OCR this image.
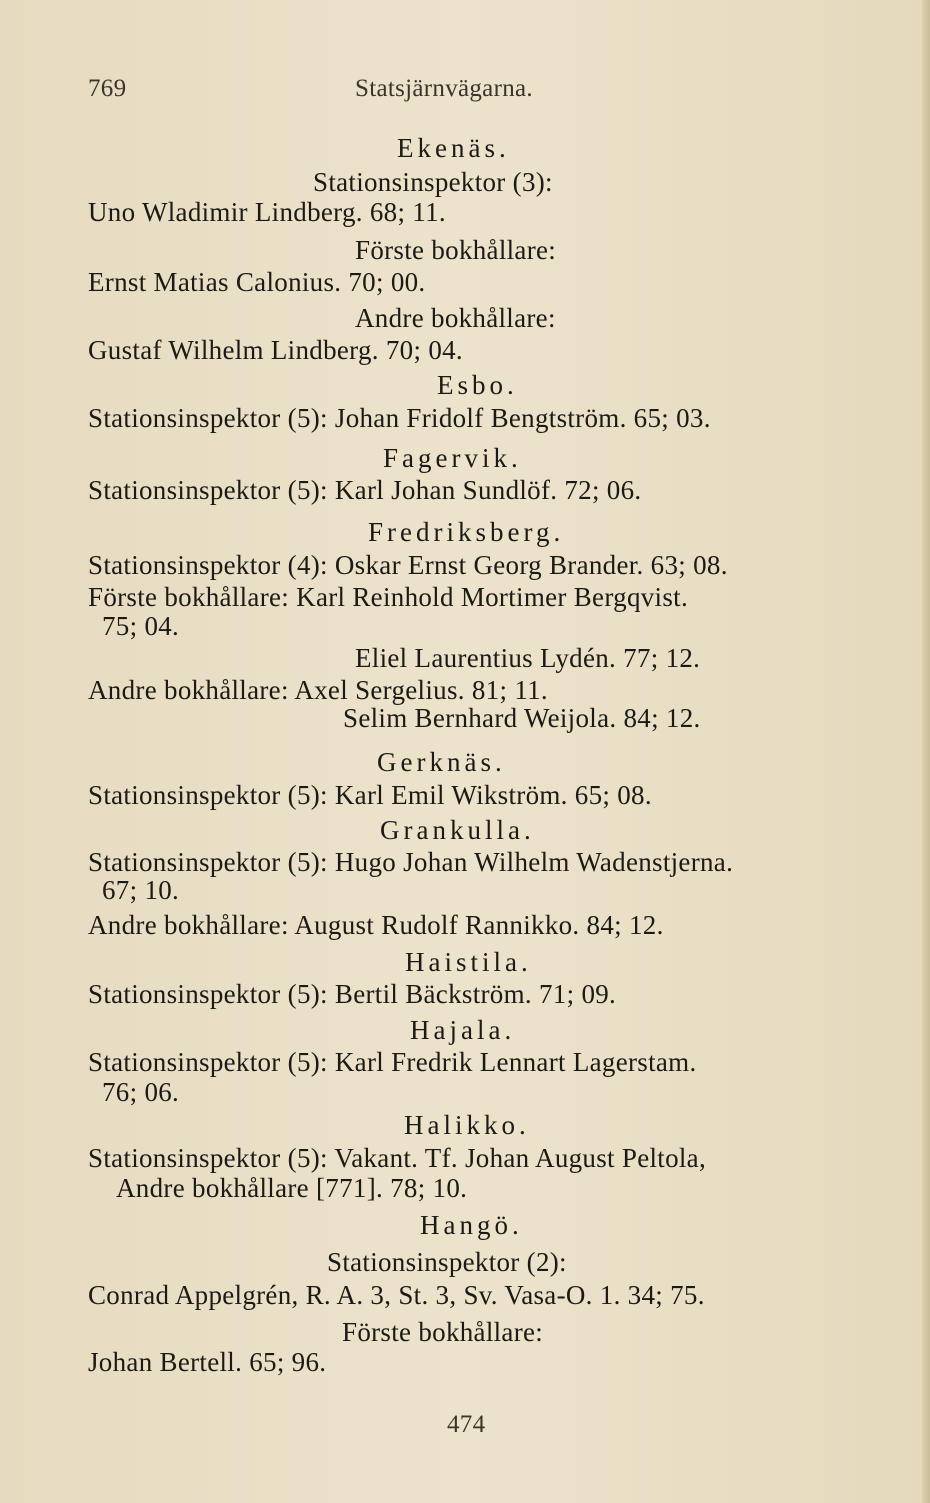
769	Statsjärnvägarna.
Ekenäs.
Stationsinspektor (3):
Uno Wladimir Lindberg. 68; 11.
Förste bokhållare:
Ernst Matias Calonius. 70; 00.
Andre bokhållare:
Gustaf Wilhelm Lindberg. 70; 04.
Esbo.
Stationsinspektor (5): Johan Fridolf Bengtström. 65; 03.
Fagervik.
Stationsinspektor (5): Karl Johan Sundlöf. 72; 06.
Fredriksberg.
Stationsinspektor (4): Oskar Ernst Georg Brander. 63; 08.
Förste bokhållare: Karl Reinhold Mortimer Bergqvist.
75; 04.
Eliel Laurentius Lydén. 77; 12.
Andre bokhållare: Axel Sergelius. 81; 11.
Selim Bernhard Weijola. 84; 12.
Gerknäs.
Stationsinspektor (5): Karl Emil Wikström. 65; 08.
Grankulla.
Stationsinspektor (5): Hugo Johan Wilhelm Wadenstjerna.
67; 10.
Andre bokhållare: August Rudolf Rannikko. 84; 12.
Haistila.
Stationsinspektor (5): Bertil Bäckström. 71; 09.
Hajala.
Stationsinspektor (5): Karl Fredrik Lennart Lagerstam.
76; 06.
Halikko.
Stationsinspektor (5): Vakant. Tf. Johan August Peltola,
Andre bokhållare [771]. 78; 10.
Hangö.
Stationsinspektor (2):
Conrad Appelgrén, R. A. 3, St. 3, Sv. Vasa-O. 1. 34; 75.
Förste bokhållare:
Johan Bertell. 65; 96.
474
